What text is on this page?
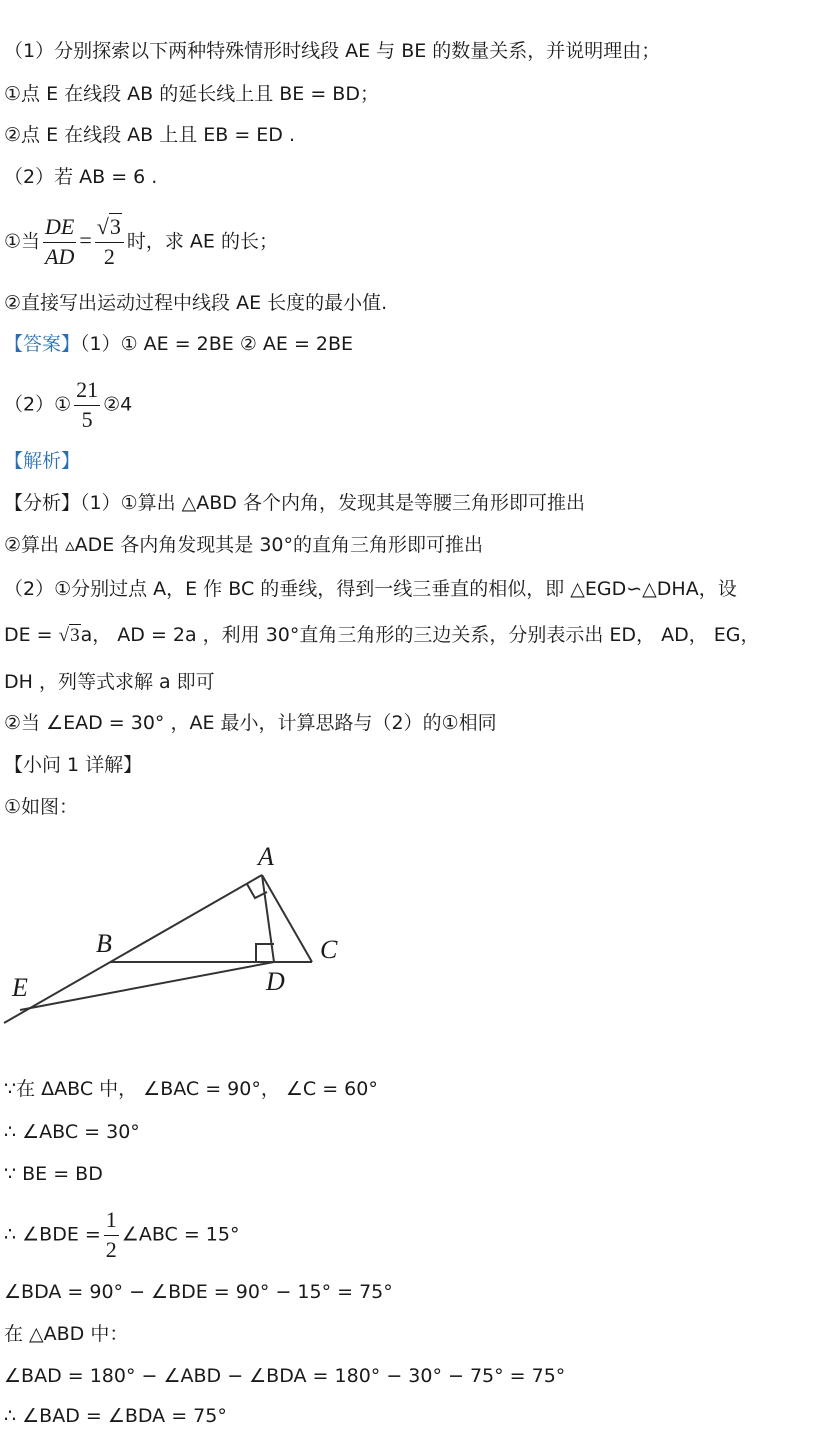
（1）分别探索以下两种特殊情形时线段 AE 与 BE 的数量关系，并说明理由；
①点 E 在线段 AB 的延长线上且 BE = BD；
②点 E 在线段 AB 上且 EB = ED .
（2）若 AB = 6 .
①当 $\frac{DE}{AD} = \frac{√3}{2}$ 时，求 AE 的长；
②直接写出运动过程中线段 AE 长度的最小值.
【答案】（1）① AE = 2BE ② AE = 2BE
（2）① $\frac{21}{5}$ ②4
【解析】
【分析】（1）①算出 △ABD 各个内角，发现其是等腰三角形即可推出
②算出 ▵ADE 各内角发现其是 30°的直角三角形即可推出
（2）①分别过点 A，E 作 BC 的垂线，得到一线三垂直的相似，即 △EGD∽△DHA，设
DE = √3a， AD = 2a ，利用 30°直角三角形的三边关系，分别表示出 ED， AD， EG，
DH ，列等式求解 a 即可
②当 ∠EAD = 30° ，AE 最小，计算思路与（2）的①相同
【小问 1 详解】
①如图：
A
B	C
D
E
∵在 ΔABC 中， ∠BAC = 90°， ∠C = 60°
∴ ∠ABC = 30°
∵ BE = BD
∴ ∠BDE = $\frac{1}{2}$ ∠ABC = 15°
∠BDA = 90° − ∠BDE = 90° − 15° = 75°
在 △ABD 中：
∠BAD = 180° − ∠ABD − ∠BDA = 180° − 30° − 75° = 75°
∴ ∠BAD = ∠BDA = 75°
